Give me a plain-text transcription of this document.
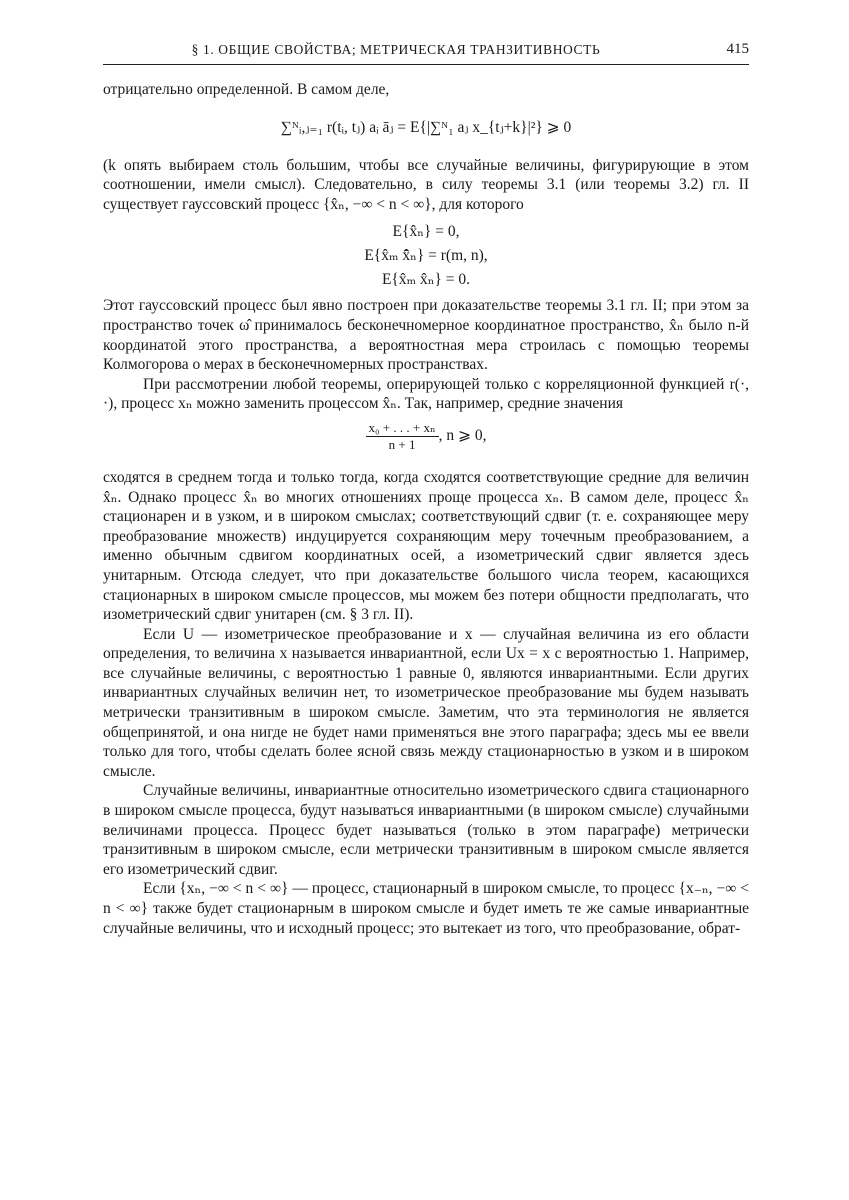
§ 1. ОБЩИЕ СВОЙСТВА; МЕТРИЧЕСКАЯ ТРАНЗИТИВНОСТЬ	415

отрицательно определенной. В самом деле,

∑ᴺᵢ,ⱼ₌₁ r(tᵢ, tⱼ) aᵢ āⱼ = E{|∑ᴺ₁ aⱼ x_{tⱼ+k}|²} ⩾ 0

(k опять выбираем столь большим, чтобы все случайные величины, фигурирующие в этом соотношении, имели смысл). Следовательно, в силу теоремы 3.1 (или теоремы 3.2) гл. II существует гауссовский процесс {x̂ₙ, −∞ < n < ∞}, для которого

E{x̂ₙ} = 0,
E{x̂ₘ x̂̄ₙ} = r(m, n),
E{x̂ₘ x̂ₙ} = 0.

Этот гауссовский процесс был явно построен при доказательстве теоремы 3.1 гл. II; при этом за пространство точек ω̂ принималось бесконечномерное координатное пространство, x̂ₙ было n-й координатой этого пространства, а вероятностная мера строилась с помощью теоремы Колмогорова о мерах в бесконечномерных пространствах.

При рассмотрении любой теоремы, оперирующей только с корреляционной функцией r(·, ·), процесс xₙ можно заменить процессом x̂ₙ. Так, например, средние значения

$\frac{\text{x₀ + . . . + xₙ}}{n + 1}$ , n ⩾ 0,

сходятся в среднем тогда и только тогда, когда сходятся соответствующие средние для величин x̂ₙ. Однако процесс x̂ₙ во многих отношениях проще процесса xₙ. В самом деле, процесс x̂ₙ стационарен и в узком, и в широком смыслах; соответствующий сдвиг (т. е. сохраняющее меру преобразование множеств) индуцируется сохраняющим меру точечным преобразованием, а именно обычным сдвигом координатных осей, а изометрический сдвиг является здесь унитарным. Отсюда следует, что при доказательстве большого числа теорем, касающихся стационарных в широком смысле процессов, мы можем без потери общности предполагать, что изометрический сдвиг унитарен (см. § 3 гл. II).

Если U — изометрическое преобразование и x — случайная величина из его области определения, то величина x называется инвариантной, если Ux = x с вероятностью 1. Например, все случайные величины, с вероятностью 1 равные 0, являются инвариантными. Если других инвариантных случайных величин нет, то изометрическое преобразование мы будем называть метрически транзитивным в широком смысле. Заметим, что эта терминология не является общепринятой, и она нигде не будет нами применяться вне этого параграфа; здесь мы ее ввели только для того, чтобы сделать более ясной связь между стационарностью в узком и в широком смысле.

Случайные величины, инвариантные относительно изометрического сдвига стационарного в широком смысле процесса, будут называться инвариантными (в широком смысле) случайными величинами процесса. Процесс будет называться (только в этом параграфе) метрически транзитивным в широком смысле, если метрически транзитивным в широком смысле является его изометрический сдвиг.

Если {xₙ, −∞ < n < ∞} — процесс, стационарный в широком смысле, то процесс {x₋ₙ, −∞ < n < ∞} также будет стационарным в широком смысле и будет иметь те же самые инвариантные случайные величины, что и исходный процесс; это вытекает из того, что преобразование, обрат-
